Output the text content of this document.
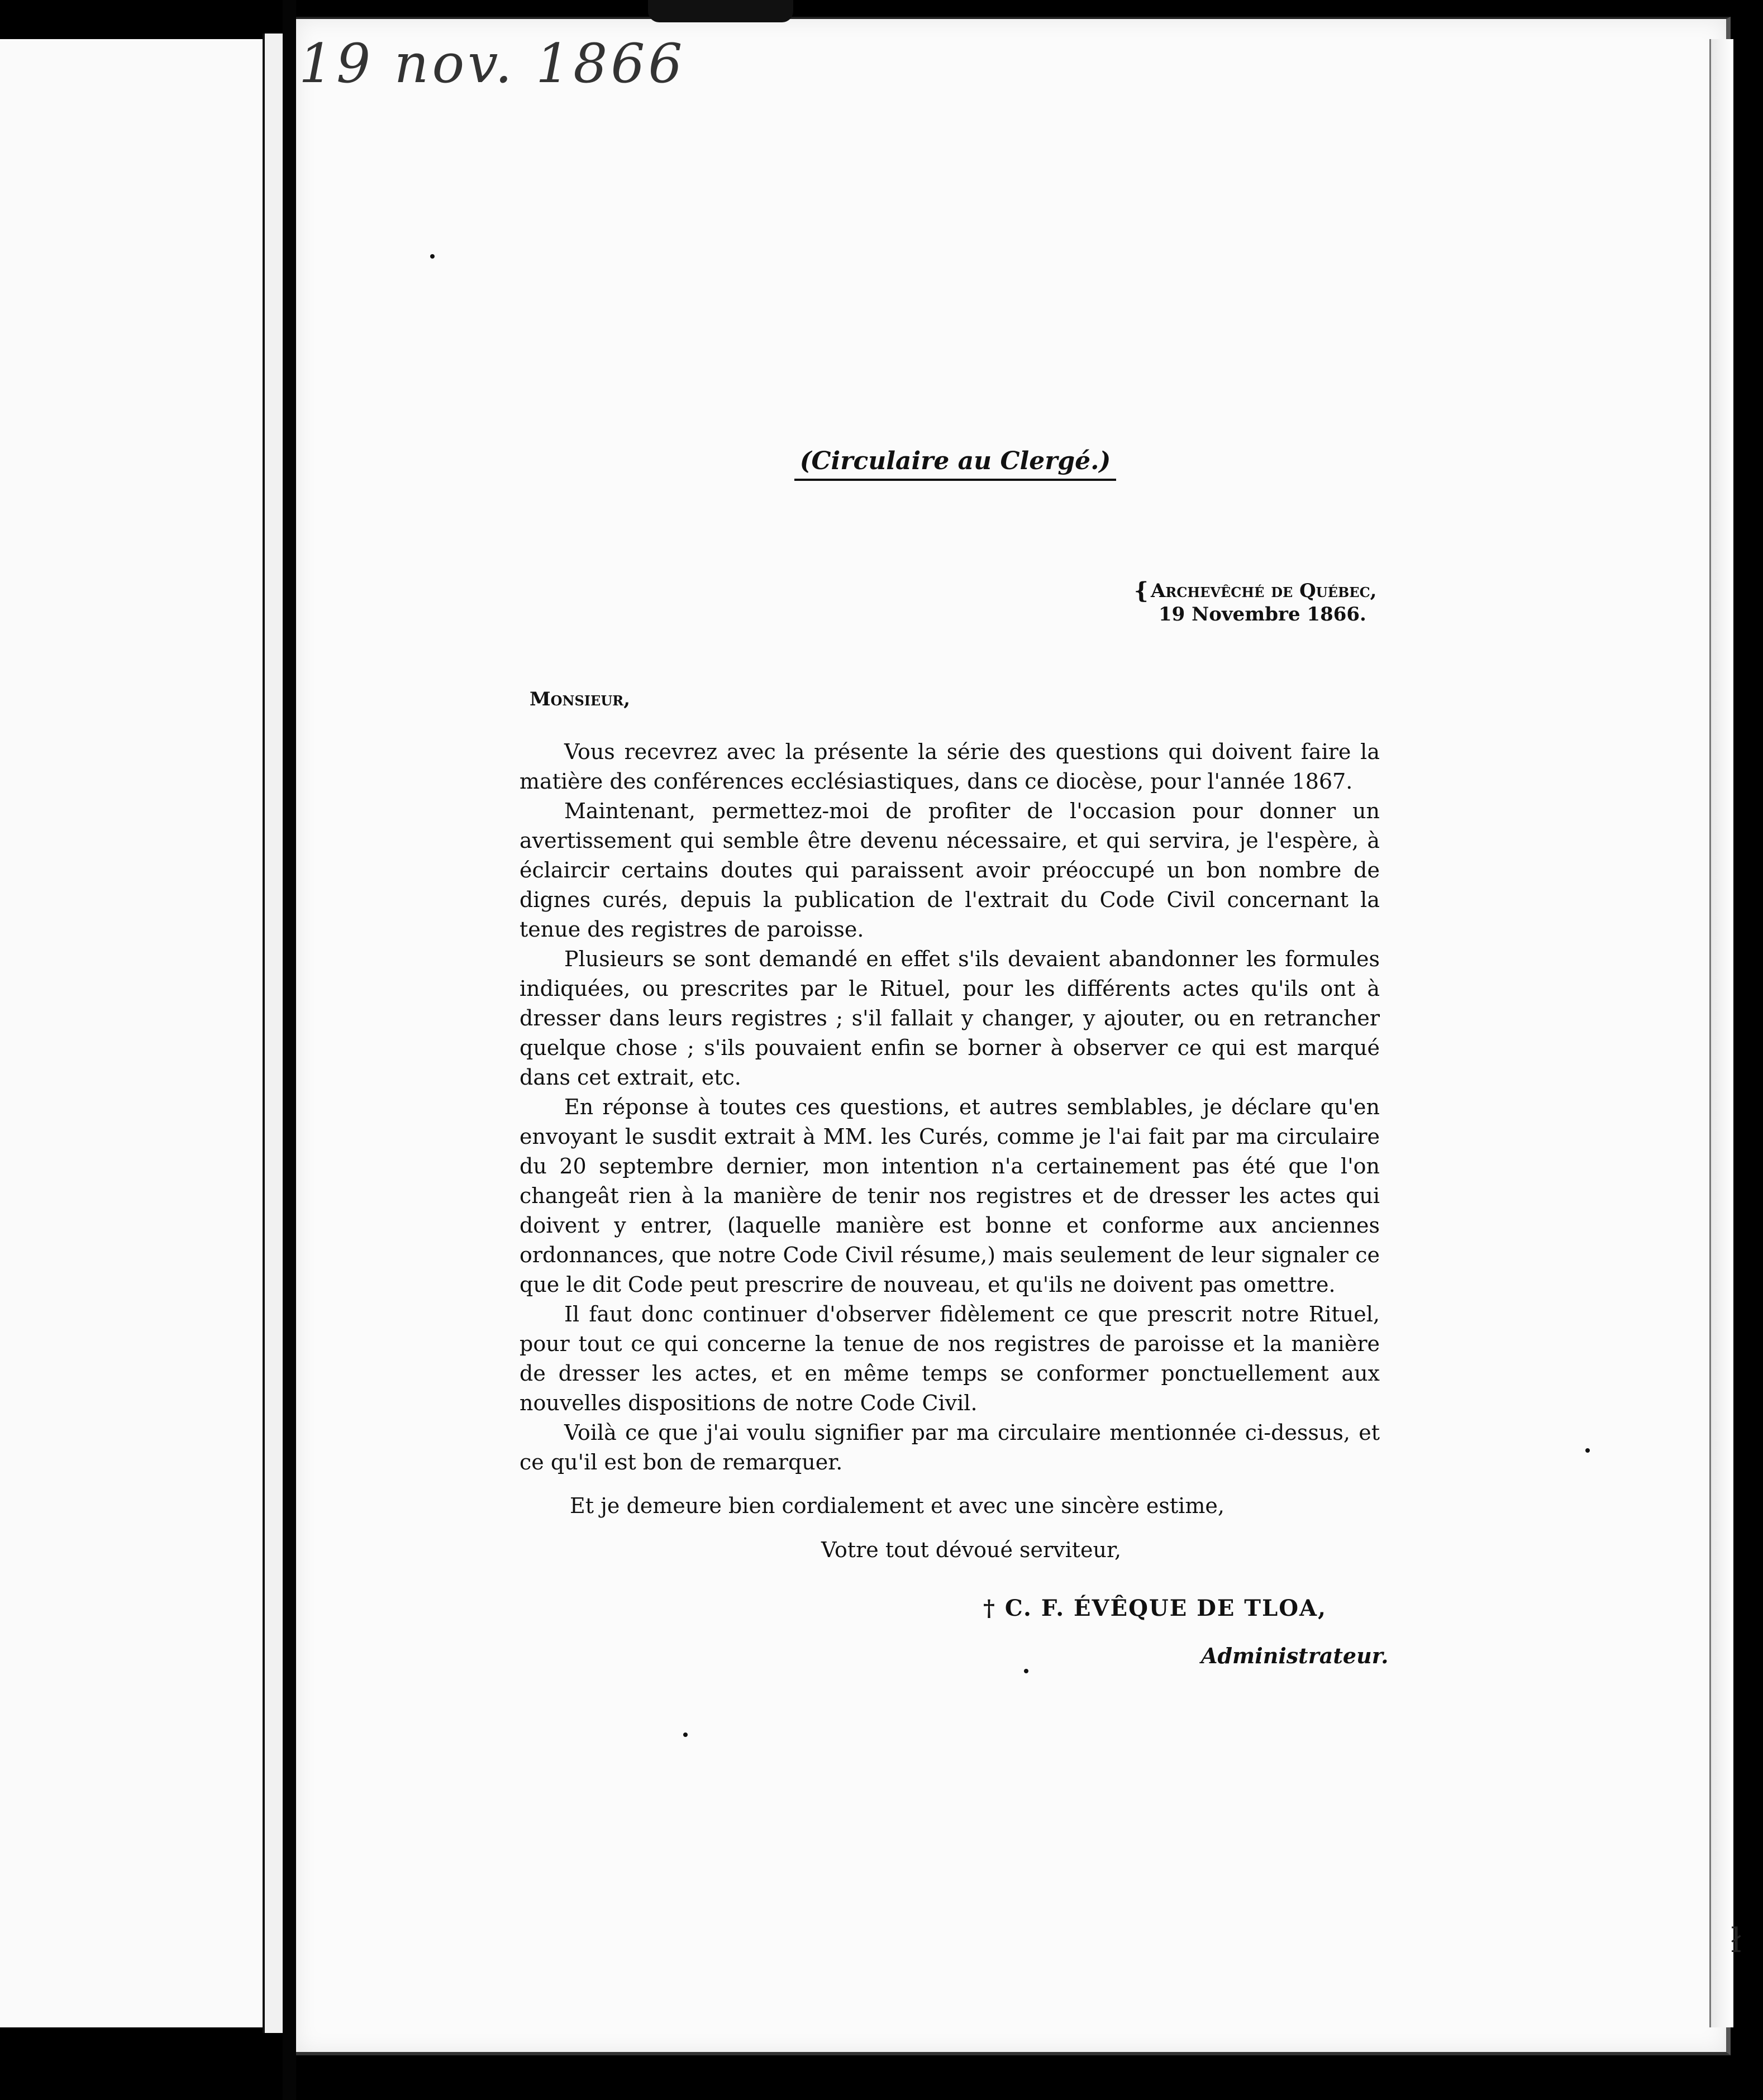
19 nov. 1866
(Circulaire au Clergé.)
{ Archevêché de Québec,
19 Novembre 1866.
Monsieur,

Vous recevrez avec la présente la série des questions qui doivent faire la matière des conférences ecclésiastiques, dans ce diocèse, pour l'année 1867.

Maintenant, permettez-moi de profiter de l'occasion pour donner un avertissement qui semble être devenu nécessaire, et qui servira, je l'espère, à éclaircir certains doutes qui paraissent avoir préoccupé un bon nombre de dignes curés, depuis la publication de l'extrait du Code Civil concernant la tenue des registres de paroisse.

Plusieurs se sont demandé en effet s'ils devaient abandonner les formules indiquées, ou prescrites par le Rituel, pour les différents actes qu'ils ont à dresser dans leurs registres ; s'il fallait y changer, y ajouter, ou en retrancher quelque chose ; s'ils pouvaient enfin se borner à observer ce qui est marqué dans cet extrait, etc.

En réponse à toutes ces questions, et autres semblables, je déclare qu'en envoyant le susdit extrait à MM. les Curés, comme je l'ai fait par ma circulaire du 20 septembre dernier, mon intention n'a certainement pas été que l'on changeât rien à la manière de tenir nos registres et de dresser les actes qui doivent y entrer, (laquelle manière est bonne et conforme aux anciennes ordonnances, que notre Code Civil résume,) mais seulement de leur signaler ce que le dit Code peut prescrire de nouveau, et qu'ils ne doivent pas omettre.

Il faut donc continuer d'observer fidèlement ce que prescrit notre Rituel, pour tout ce qui concerne la tenue de nos registres de paroisse et la manière de dresser les actes, et en même temps se conformer ponctuellement aux nouvelles dispositions de notre Code Civil.

Voilà ce que j'ai voulu signifier par ma circulaire mentionnée ci-dessus, et ce qu'il est bon de remarquer.

Et je demeure bien cordialement et avec une sincère estime,
Votre tout dévoué serviteur,
† C. F. ÉVÊQUE DE TLOA,
Administrateur.
ł
